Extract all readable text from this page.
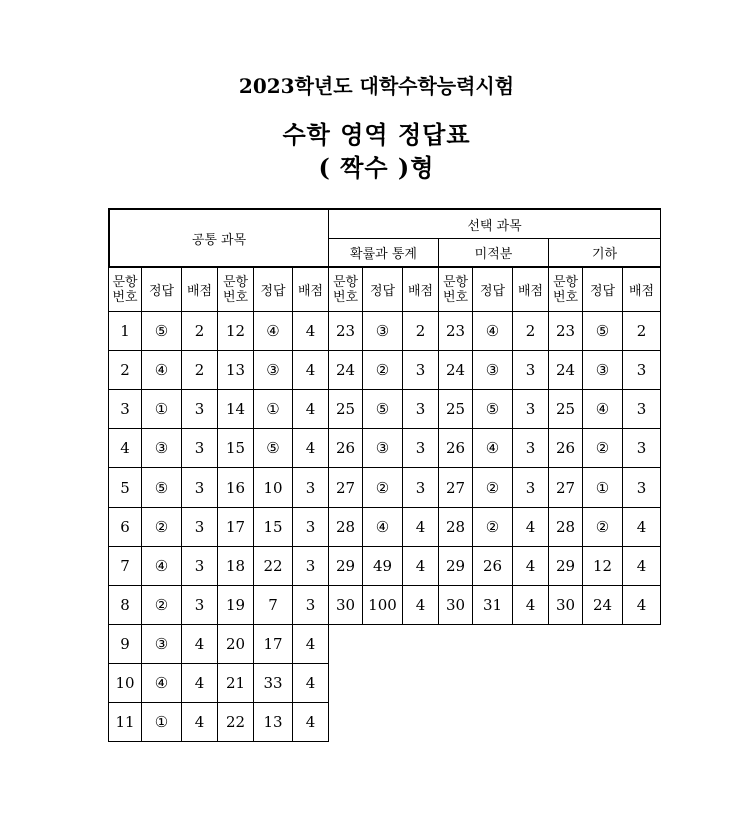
2023학년도 대학수학능력시험
수학 영역 정답표
( 짝수 )형
공통 과목
선택 과목
확률과 통계	미적분	기하
문항
번호 정답 배점
문항
번호 정답 배점
문항
번호 정답 배점
문항
번호 정답 배점
문항
번호 정답 배점
1 ⑤ 2 12 ④ 4
2 ④ 2 13 ③ 4
3 ① 3 14 ① 4
4 ③ 3 15 ⑤ 4
5 ⑤ 3 16 10 3
6 ② 3 17 15 3
7 ④ 3 18 22 3
8 ② 3 19 7 3
9 ③ 4 20 17 4
10 ④ 4 21 33 4
11 ① 4 22 13 4
23 ③ 2 23 ④ 2 23 ⑤ 2
24 ② 3 24 ③ 3 24 ③ 3
25 ⑤ 3 25 ⑤ 3 25 ④ 3
26 ③ 3 26 ④ 3 26 ② 3
27 ② 3 27 ② 3 27 ① 3
28 ④ 4 28 ② 4 28 ② 4
29 49 4 29 26 4 29 12 4
30 100 4 30 31 4 30 24 4
